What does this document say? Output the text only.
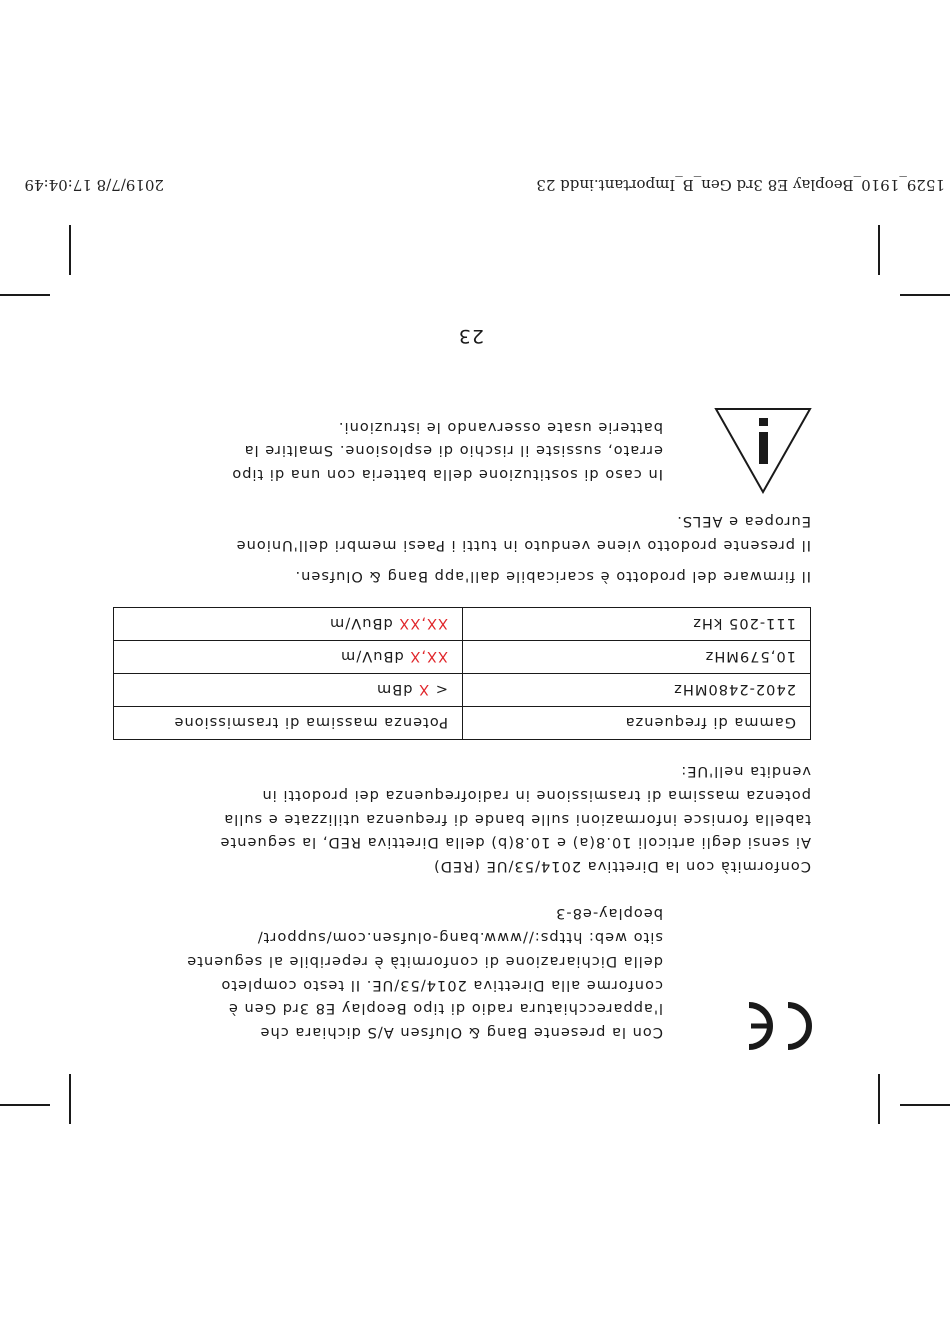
1529_1910_Beoplay E8 3rd Gen_B_Important.indd 23
2019/7/8 17:04:49
Con la presente Bang & Olufsen A/S dichiara che
l'apparecchiatura radio di tipo Beoplay E8 3rd Gen è
conforme alla Direttiva 2014/53/UE. Il testo completo
della Dichiarazione di conformità è reperibile al seguente
sito web: https://www.bang-olufsen.com/support/
beoplay-e8-3
Conformità con la Direttiva 2014/53/UE (RED)
Ai sensi degli articoli 10.8(a) e 10.8(b) della Direttiva RED, la seguente
tabella fornisce informazioni sulle bande di frequenza utilizzate e sulla
potenza massima di trasmissione in radiofrequenza dei prodotti in
vendita nell'UE:
Gamma di frequenza	Potenza massima di trasmissione
2402-2480MHz	< X dBm
10,579MHz	XX,X dBuV/m
111-205 kHz	XX,XX dBuV/m
Il firmware del prodotto è scaricabile dall'app Bang & Olufsen.
Il presente prodotto viene venduto in tutti i Paesi membri dell'Unione
Europea e AELS.
In caso di sostituzione della batteria con una di tipo
errato, sussiste il rischio di esplosione. Smaltire la
batterie usate osservando le istruzioni.
23
